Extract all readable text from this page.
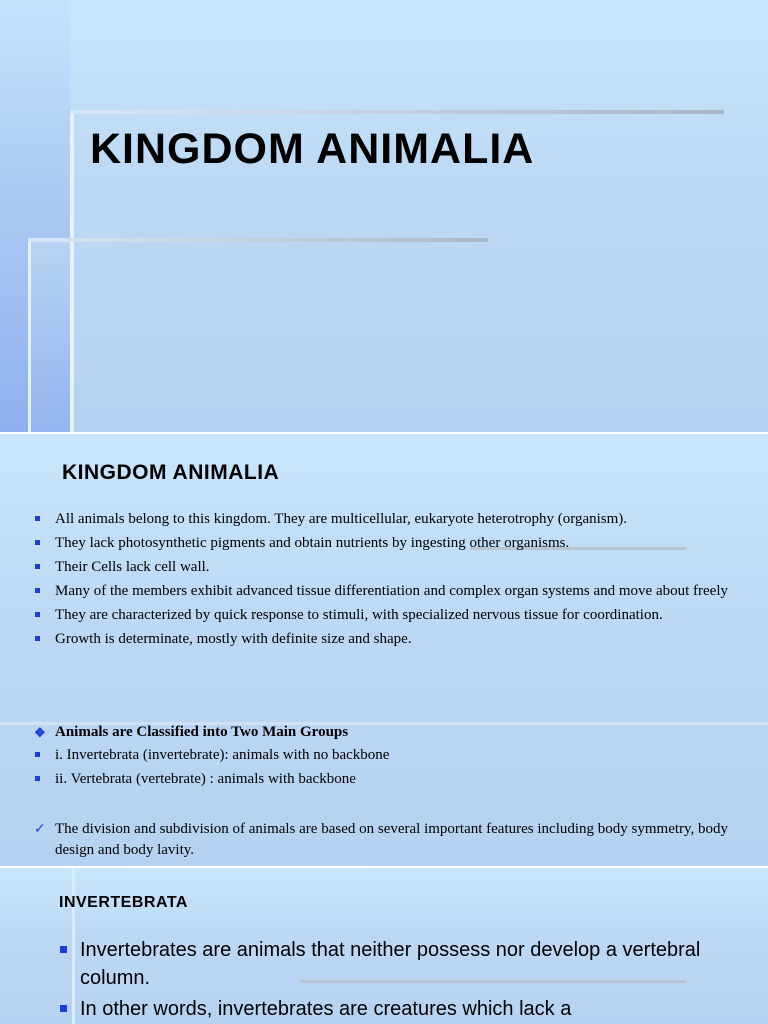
KINGDOM ANIMALIA
KINGDOM ANIMALIA
All animals belong to this kingdom. They are multicellular, eukaryote heterotrophy (organism).
They lack photosynthetic pigments and obtain nutrients by ingesting other organisms.
Their Cells lack cell wall.
Many of the members exhibit advanced tissue differentiation and complex organ systems and move about freely
They are characterized by quick response to stimuli, with specialized nervous tissue for coordination.
Growth is determinate, mostly with definite size and shape.
❖ Animals are Classified into Two Main Groups
i. Invertebrata (invertebrate): animals with no backbone
ii. Vertebrata (vertebrate) : animals with backbone
✓ The division and subdivision of animals are based on several important features including body symmetry, body design and body lavity.
INVERTEBRATA
Invertebrates are animals that neither possess nor develop a vertebral column.
In other words, invertebrates are creatures which lack a
